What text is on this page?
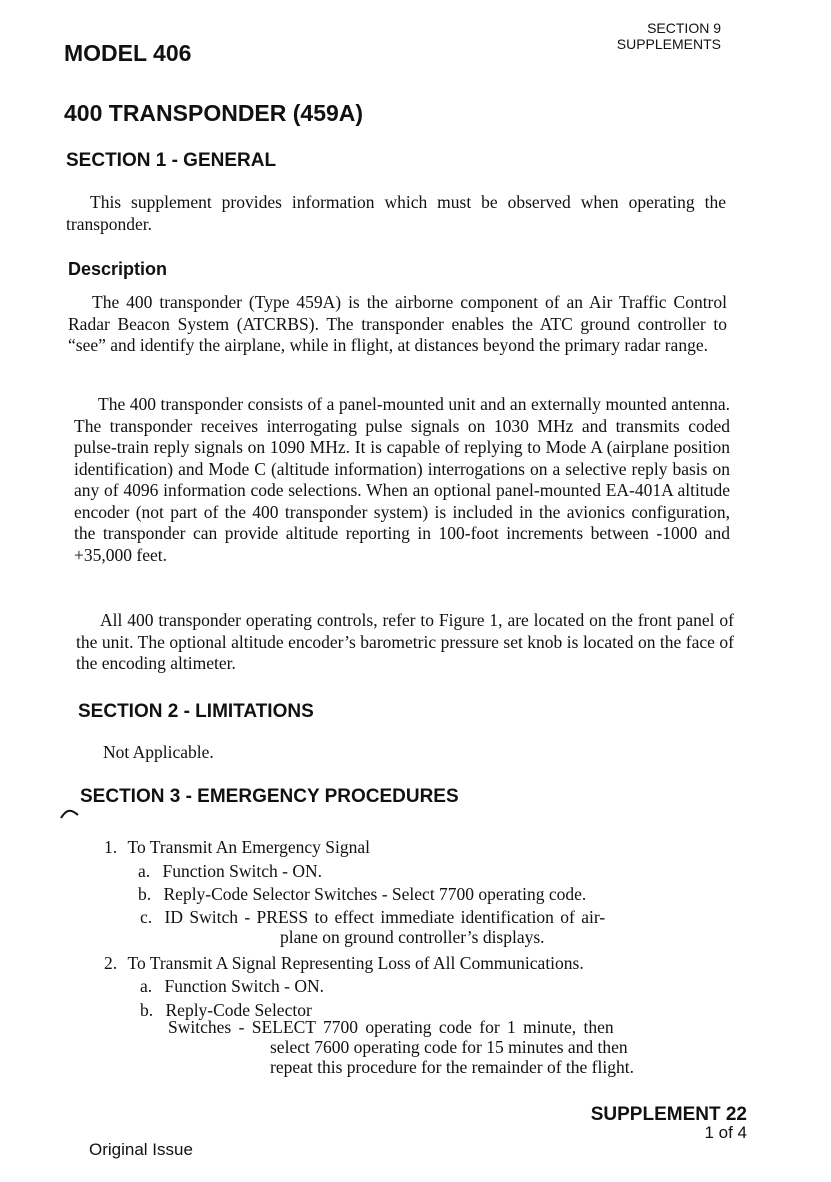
SECTION 9
SUPPLEMENTS
MODEL 406
400 TRANSPONDER (459A)
SECTION 1 - GENERAL
This supplement provides information which must be observed when operating the transponder.
Description
The 400 transponder (Type 459A) is the airborne component of an Air Traffic Control Radar Beacon System (ATCRBS). The transponder enables the ATC ground controller to “see” and identify the airplane, while in flight, at distances beyond the primary radar range.
The 400 transponder consists of a panel-mounted unit and an externally mounted antenna. The transponder receives interrogating pulse signals on 1030 MHz and transmits coded pulse-train reply signals on 1090 MHz. It is capable of replying to Mode A (airplane position identification) and Mode C (altitude information) interrogations on a selective reply basis on any of 4096 information code selections. When an optional panel-mounted EA-401A altitude encoder (not part of the 400 transponder system) is included in the avionics configuration, the transponder can provide altitude reporting in 100-foot increments between -1000 and +35,000 feet.
All 400 transponder operating controls, refer to Figure 1, are located on the front panel of the unit. The optional altitude encoder’s barometric pressure set knob is located on the face of the encoding altimeter.
SECTION 2 - LIMITATIONS
Not Applicable.
SECTION 3 - EMERGENCY PROCEDURES
1. To Transmit An Emergency Signal
a. Function Switch - ON.
b. Reply-Code Selector Switches - Select 7700 operating code.
c. ID Switch - PRESS to effect immediate identification of air-
plane on ground controller’s displays.
2. To Transmit A Signal Representing Loss of All Communications.
a. Function Switch - ON.
b. Reply-Code Selector
Switches - SELECT 7700 operating code for 1 minute, then
select 7600 operating code for 15 minutes and then
repeat this procedure for the remainder of the flight.
SUPPLEMENT 22
1 of 4
Original Issue
